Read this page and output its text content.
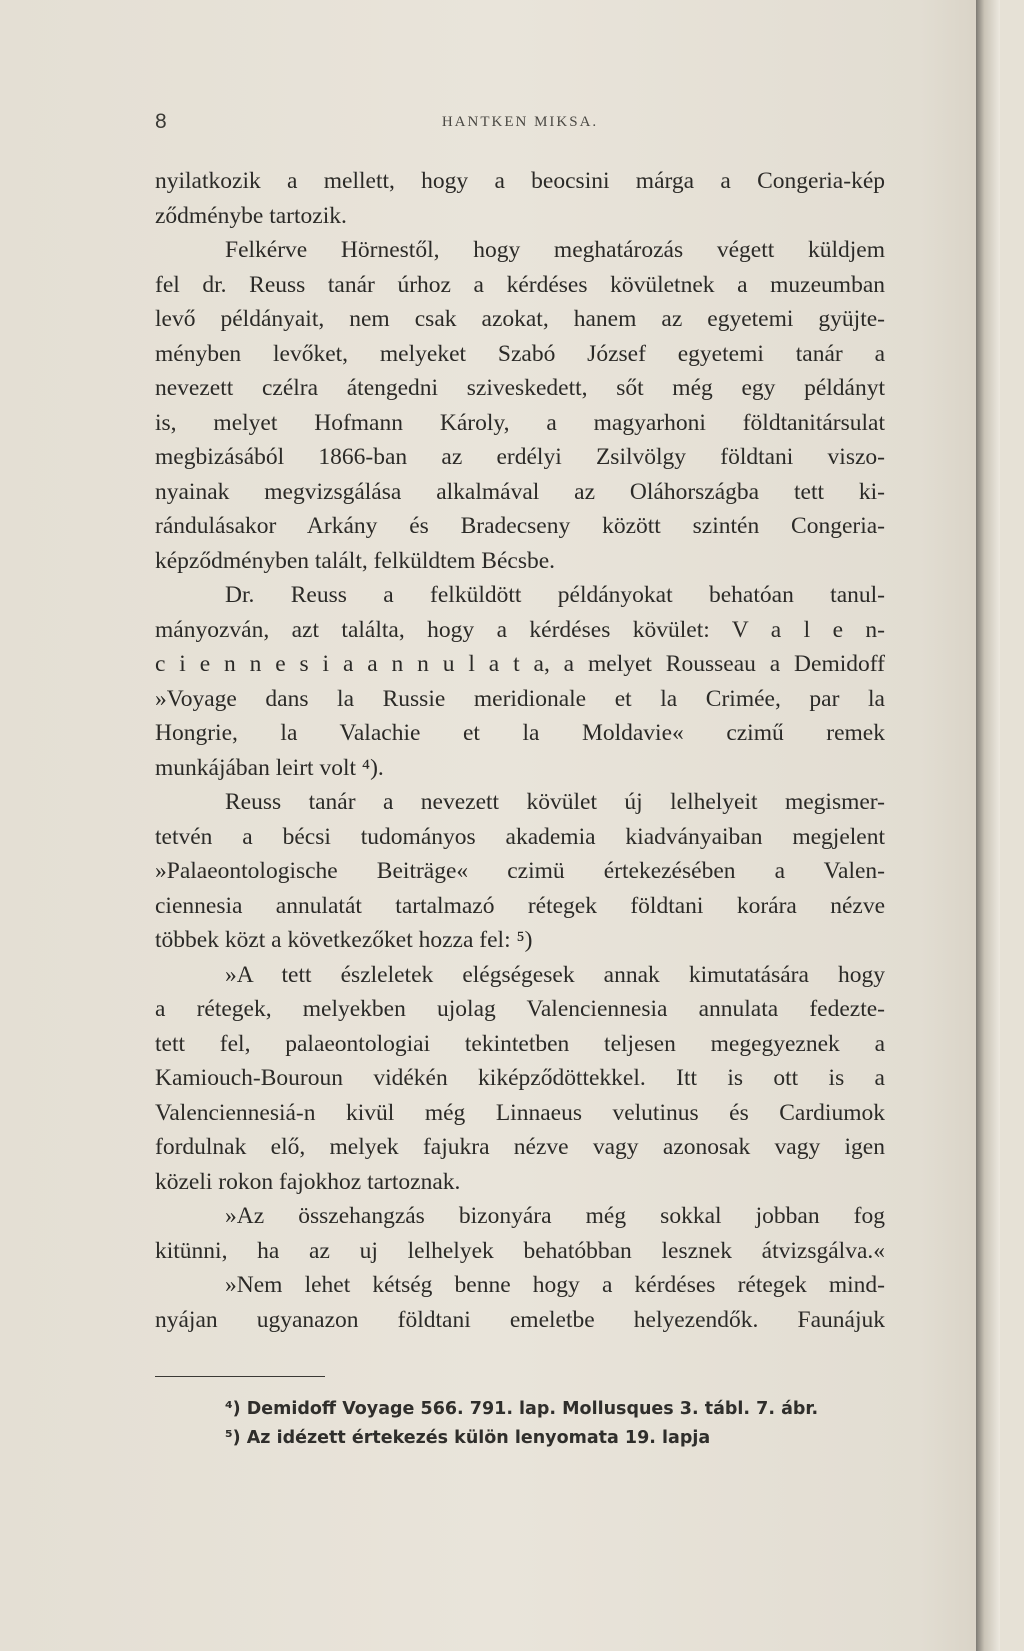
8	HANTKEN MIKSA.
nyilatkozik a mellett, hogy a beocsini márga a Congeria-kép
ződménybe tartozik.
Felkérve Hörnestől, hogy meghatározás végett küldjem
fel dr. Reuss tanár úrhoz a kérdéses kövületnek a muzeumban
levő példányait, nem csak azokat, hanem az egyetemi gyüjte-
ményben levőket, melyeket Szabó József egyetemi tanár a
nevezett czélra átengedni sziveskedett, sőt még egy példányt
is, melyet Hofmann Károly, a magyarhoni földtanitársulat
megbizásából 1866-ban az erdélyi Zsilvölgy földtani viszo-
nyainak megvizsgálása alkalmával az Oláhországba tett ki-
rándulásakor Arkány és Bradecseny között szintén Congeria-
képződményben talált, felküldtem Bécsbe.
Dr. Reuss a felküldött példányokat behatóan tanul-
mányozván, azt találta, hogy a kérdéses kövület: V a l e n-
c i e n n e s i a a n n u l a t a, a melyet Rousseau a Demidoff
»Voyage dans la Russie meridionale et la Crimée, par la
Hongrie, la Valachie et la Moldavie« czimű remek
munkájában leirt volt ⁴).
Reuss tanár a nevezett kövület új lelhelyeit megismer-
tetvén a bécsi tudományos akademia kiadványaiban megjelent
»Palaeontologische Beiträge« czimü értekezésében a Valen-
ciennesia annulatát tartalmazó rétegek földtani korára nézve
többek közt a következőket hozza fel: ⁵)
»A tett észleletek elégségesek annak kimutatására hogy
a rétegek, melyekben ujolag Valenciennesia annulata fedezte-
tett fel, palaeontologiai tekintetben teljesen megegyeznek a
Kamiouch-Bouroun vidékén kiképződöttekkel. Itt is ott is a
Valenciennesiá-n kivül még Linnaeus velutinus és Cardiumok
fordulnak elő, melyek fajukra nézve vagy azonosak vagy igen
közeli rokon fajokhoz tartoznak.
»Az összehangzás bizonyára még sokkal jobban fog
kitünni, ha az uj lelhelyek behatóbban lesznek átvizsgálva.«
»Nem lehet kétség benne hogy a kérdéses rétegek mind-
nyájan ugyanazon földtani emeletbe helyezendők. Faunájuk
⁴) Demidoff Voyage 566. 791. lap. Mollusques 3. tábl. 7. ábr.
⁵) Az idézett értekezés külön lenyomata 19. lapja
